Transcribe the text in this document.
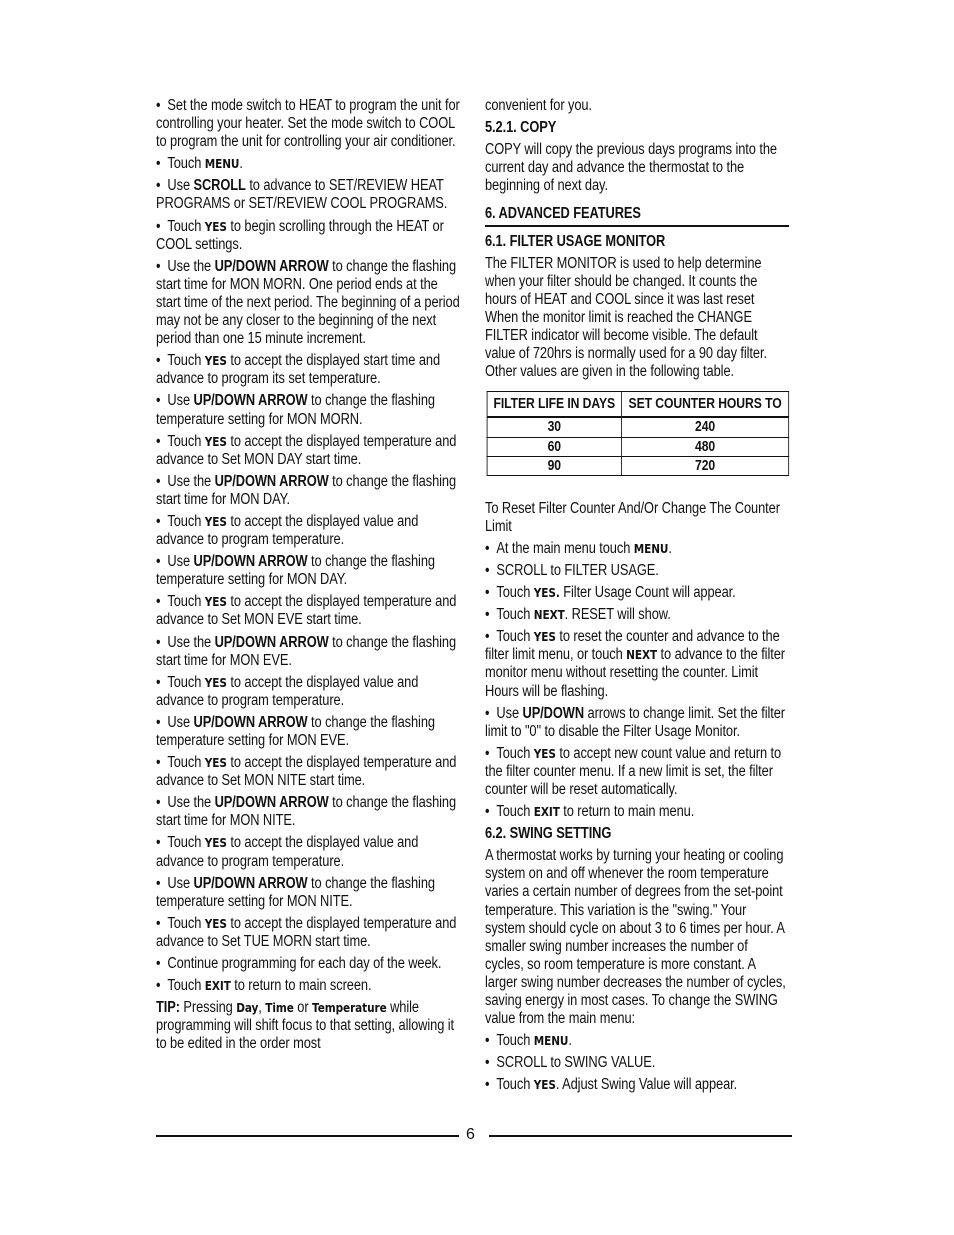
• Set the mode switch to HEAT to program the unit for controlling your heater. Set the mode switch to COOL to program the unit for controlling your air conditioner.
• Touch MENU.
• Use SCROLL to advance to SET/REVIEW HEAT PROGRAMS or SET/REVIEW COOL PROGRAMS.
• Touch YES to begin scrolling through the HEAT or COOL settings.
• Use the UP/DOWN ARROW to change the flashing start time for MON MORN. One period ends at the start time of the next period. The beginning of a period may not be any closer to the beginning of the next period than one 15 minute increment.
• Touch YES to accept the displayed start time and advance to program its set temperature.
• Use UP/DOWN ARROW to change the flashing temperature setting for MON MORN.
• Touch YES to accept the displayed temperature and advance to Set MON DAY start time.
• Use the UP/DOWN ARROW to change the flashing start time for MON DAY.
• Touch YES to accept the displayed value and advance to program temperature.
• Use UP/DOWN ARROW to change the flashing temperature setting for MON DAY.
• Touch YES to accept the displayed temperature and advance to Set MON EVE start time.
• Use the UP/DOWN ARROW to change the flashing start time for MON EVE.
• Touch YES to accept the displayed value and advance to program temperature.
• Use UP/DOWN ARROW to change the flashing temperature setting for MON EVE.
• Touch YES to accept the displayed temperature and advance to Set MON NITE start time.
• Use the UP/DOWN ARROW to change the flashing start time for MON NITE.
• Touch YES to accept the displayed value and advance to program temperature.
• Use UP/DOWN ARROW to change the flashing temperature setting for MON NITE.
• Touch YES to accept the displayed temperature and advance to Set TUE MORN start time.
• Continue programming for each day of the week.
• Touch EXIT to return to main screen.
TIP: Pressing Day, Time or Temperature while programming will shift focus to that setting, allowing it to be edited in the order most
convenient for you.
5.2.1. COPY
COPY will copy the previous days programs into the current day and advance the thermostat to the beginning of next day.
6. ADVANCED FEATURES
6.1. FILTER USAGE MONITOR
The FILTER MONITOR is used to help determine when your filter should be changed. It counts the hours of HEAT and COOL since it was last reset When the monitor limit is reached the CHANGE FILTER indicator will become visible. The default value of 720hrs is normally used for a 90 day filter. Other values are given in the following table.
FILTER LIFE IN DAYS	SET COUNTER HOURS TO
30	240
60	480
90	720
To Reset Filter Counter And/Or Change The Counter Limit
• At the main menu touch MENU.
• SCROLL to FILTER USAGE.
• Touch YES. Filter Usage Count will appear.
• Touch NEXT. RESET will show.
• Touch YES to reset the counter and advance to the filter limit menu, or touch NEXT to advance to the filter monitor menu without resetting the counter. Limit Hours will be flashing.
• Use UP/DOWN arrows to change limit. Set the filter limit to "0" to disable the Filter Usage Monitor.
• Touch YES to accept new count value and return to the filter counter menu. If a new limit is set, the filter counter will be reset automatically.
• Touch EXIT to return to main menu.
6.2. SWING SETTING
A thermostat works by turning your heating or cooling system on and off whenever the room temperature varies a certain number of degrees from the set-point temperature. This variation is the "swing." Your system should cycle on about 3 to 6 times per hour. A smaller swing number increases the number of cycles, so room temperature is more constant. A larger swing number decreases the number of cycles, saving energy in most cases. To change the SWING value from the main menu:
• Touch MENU.
• SCROLL to SWING VALUE.
• Touch YES. Adjust Swing Value will appear.
6
